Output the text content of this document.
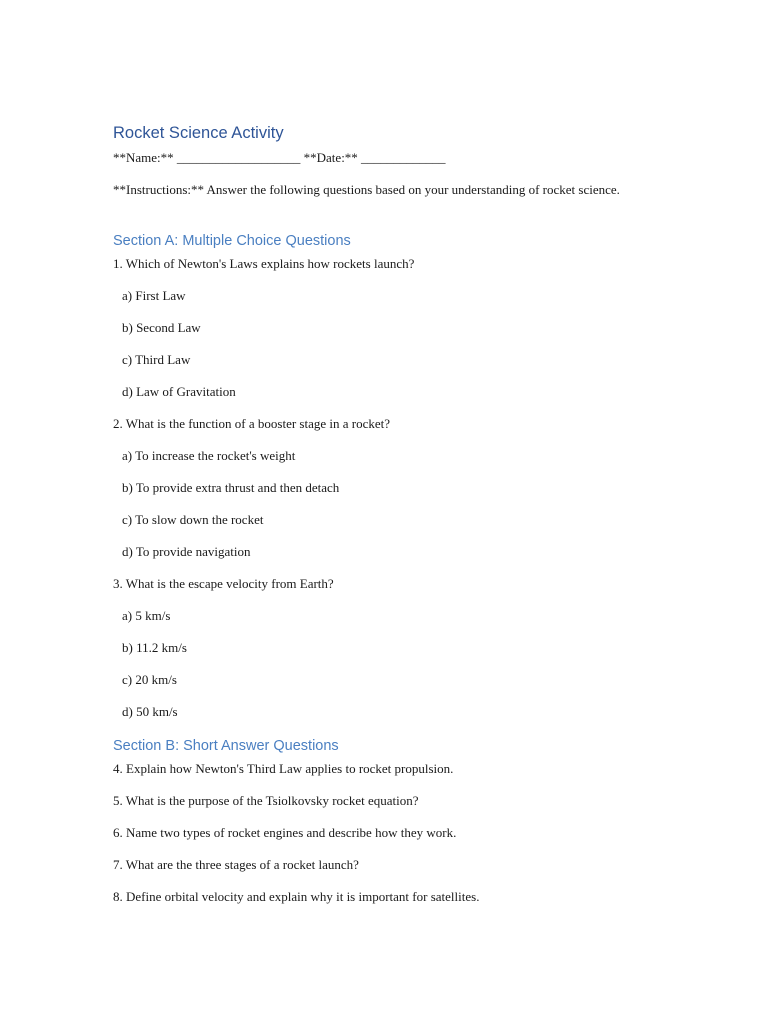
Rocket Science Activity
**Name:** ___________________ **Date:** _____________
**Instructions:** Answer the following questions based on your understanding of rocket science.
Section A: Multiple Choice Questions
1. Which of Newton's Laws explains how rockets launch?
a) First Law
b) Second Law
c) Third Law
d) Law of Gravitation
2. What is the function of a booster stage in a rocket?
a) To increase the rocket's weight
b) To provide extra thrust and then detach
c) To slow down the rocket
d) To provide navigation
3. What is the escape velocity from Earth?
a) 5 km/s
b) 11.2 km/s
c) 20 km/s
d) 50 km/s
Section B: Short Answer Questions
4. Explain how Newton's Third Law applies to rocket propulsion.
5. What is the purpose of the Tsiolkovsky rocket equation?
6. Name two types of rocket engines and describe how they work.
7. What are the three stages of a rocket launch?
8. Define orbital velocity and explain why it is important for satellites.
